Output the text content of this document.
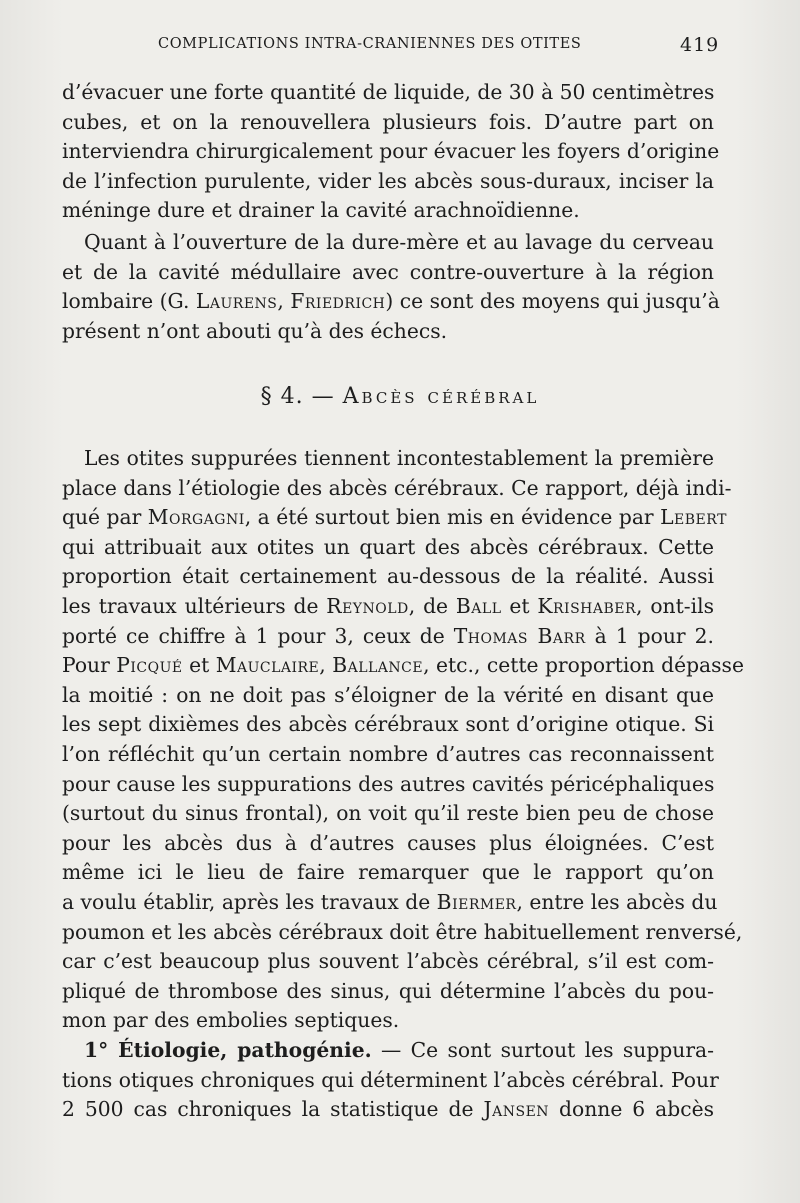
COMPLICATIONS INTRA-CRANIENNES DES OTITES	419
d’évacuer une forte quantité de liquide, de 30 à 50 centimètres
cubes, et on la renouvellera plusieurs fois. D’autre part on
interviendra chirurgicalement pour évacuer les foyers d’origine
de l’infection purulente, vider les abcès sous-duraux, inciser la
méninge dure et drainer la cavité arachnoïdienne.
Quant à l’ouverture de la dure-mère et au lavage du cerveau
et de la cavité médullaire avec contre-ouverture à la région
lombaire (G. Laurens, Friedrich) ce sont des moyens qui jusqu’à
présent n’ont abouti qu’à des échecs.
§ 4. — Abcès cérébral
Les otites suppurées tiennent incontestablement la première
place dans l’étiologie des abcès cérébraux. Ce rapport, déjà indi-
qué par Morgagni, a été surtout bien mis en évidence par Lebert
qui attribuait aux otites un quart des abcès cérébraux. Cette
proportion était certainement au-dessous de la réalité. Aussi
les travaux ultérieurs de Reynold, de Ball et Krishaber, ont-ils
porté ce chiffre à 1 pour 3, ceux de Thomas Barr à 1 pour 2.
Pour Picqué et Mauclaire, Ballance, etc., cette proportion dépasse
la moitié : on ne doit pas s’éloigner de la vérité en disant que
les sept dixièmes des abcès cérébraux sont d’origine otique. Si
l’on réfléchit qu’un certain nombre d’autres cas reconnaissent
pour cause les suppurations des autres cavités péricéphaliques
(surtout du sinus frontal), on voit qu’il reste bien peu de chose
pour les abcès dus à d’autres causes plus éloignées. C’est
même ici le lieu de faire remarquer que le rapport qu’on
a voulu établir, après les travaux de Biermer, entre les abcès du
poumon et les abcès cérébraux doit être habituellement renversé,
car c’est beaucoup plus souvent l’abcès cérébral, s’il est com-
pliqué de thrombose des sinus, qui détermine l’abcès du pou-
mon par des embolies septiques.
1° Étiologie, pathogénie. — Ce sont surtout les suppura-
tions otiques chroniques qui déterminent l’abcès cérébral. Pour
2 500 cas chroniques la statistique de Jansen donne 6 abcès
